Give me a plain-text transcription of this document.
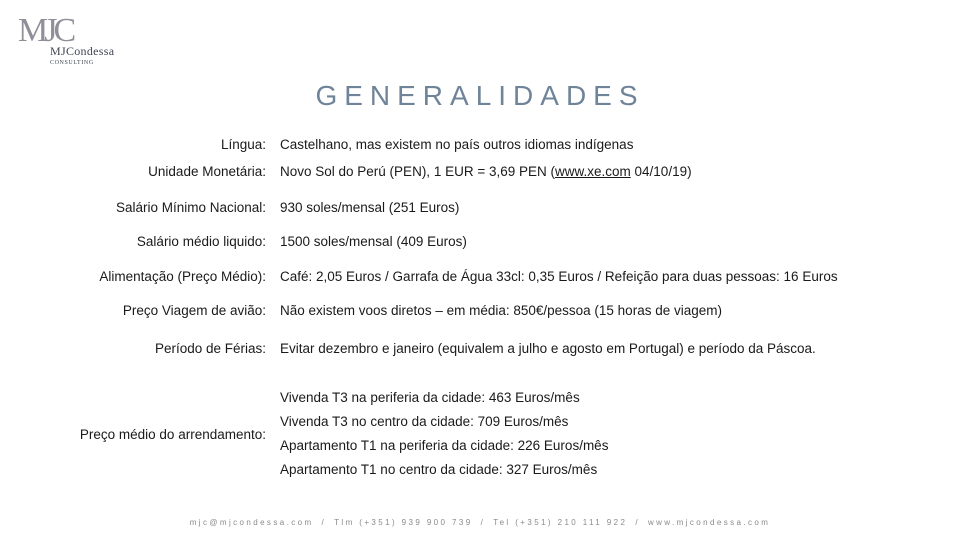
MJC
MJCondessa
CONSULTING
GENERALIDADES
Língua: Castelhano, mas existem no país outros idiomas indígenas
Unidade Monetária: Novo Sol do Perú (PEN), 1 EUR = 3,69 PEN (www.xe.com 04/10/19)
Salário Mínimo Nacional: 930 soles/mensal (251 Euros)
Salário médio liquido: 1500 soles/mensal (409 Euros)
Alimentação (Preço Médio): Café: 2,05 Euros / Garrafa de Água 33cl: 0,35 Euros / Refeição para duas pessoas: 16 Euros
Preço Viagem de avião: Não existem voos diretos – em média: 850€/pessoa (15 horas de viagem)
Período de Férias: Evitar dezembro e janeiro (equivalem a julho e agosto em Portugal) e período da Páscoa.
Preço médio do arrendamento:
Vivenda T3 na periferia da cidade: 463 Euros/mês
Vivenda T3 no centro da cidade: 709 Euros/mês
Apartamento T1 na periferia da cidade: 226 Euros/mês
Apartamento T1 no centro da cidade: 327 Euros/mês
mjc@mjcondessa.com / Tlm (+351) 939 900 739 / Tel (+351) 210 111 922 / www.mjcondessa.com
